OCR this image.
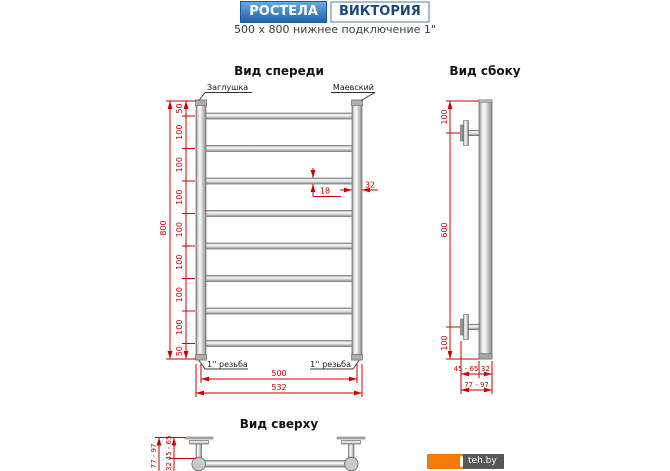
РОСТЕЛА	ВИКТОРИЯ
500 x 800 нижнее подключение 1"
Вид спереди	Вид сбоку
Вид сверху
Заглушка	Маевский
1'' резьба	1'' резьба
800
50
100
100
100
100
100
100
100
50
18
32
500
532
100
600
100
45 - 65 32
77 - 97
77 - 97 45 - 65
32
teh.by
